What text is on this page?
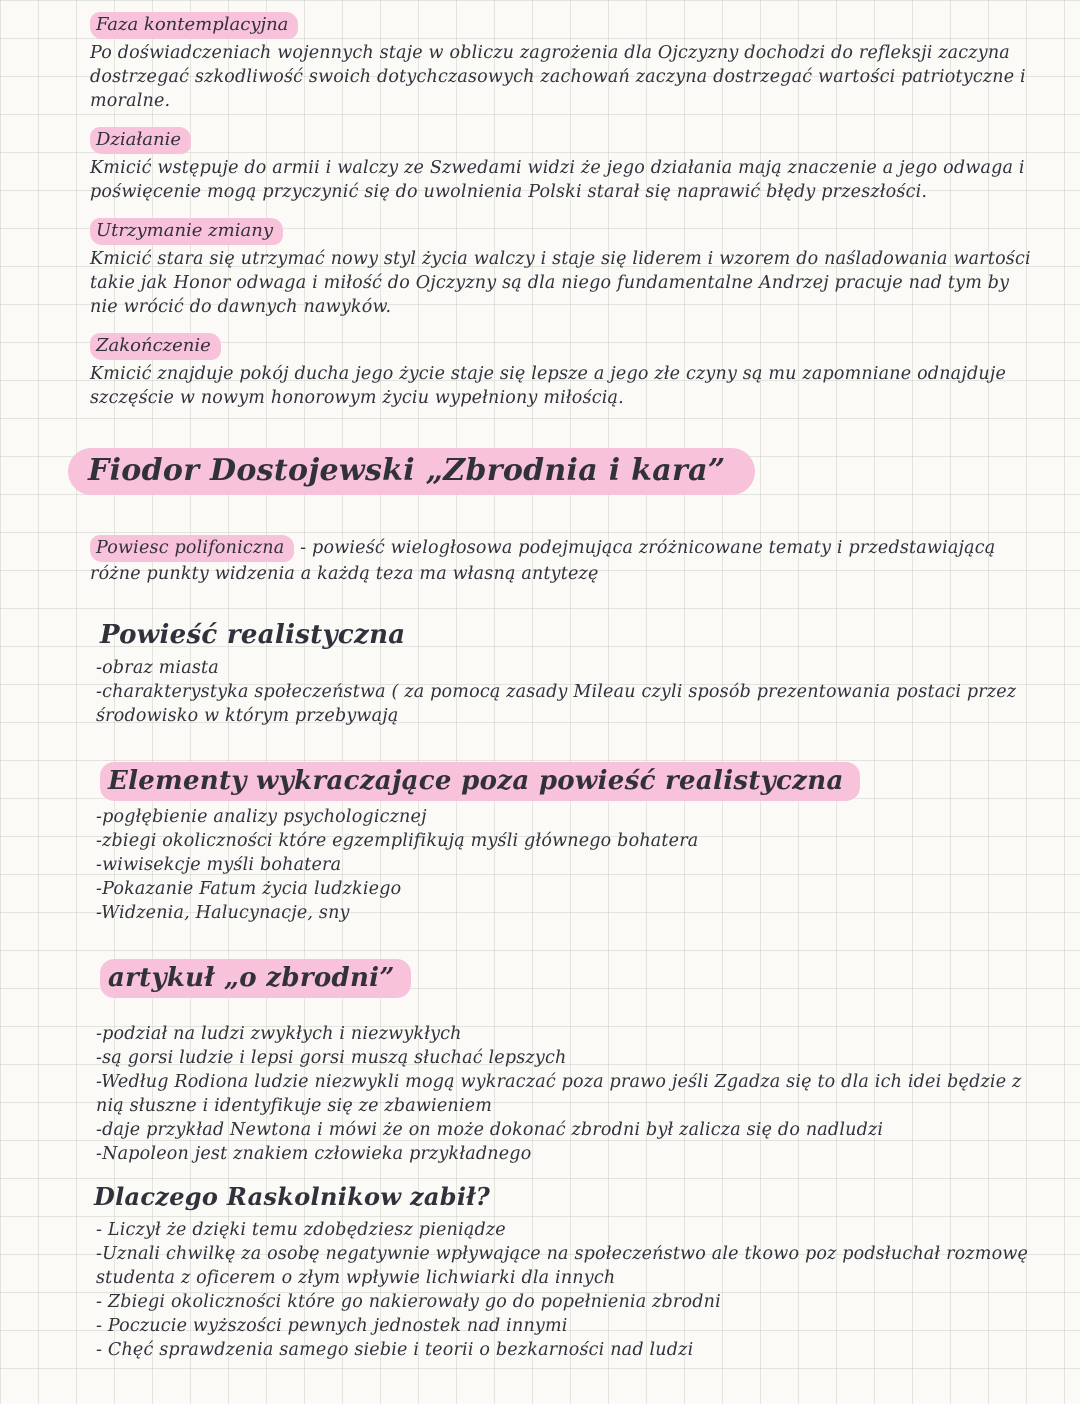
Faza kontemplacyjna

Po doświadczeniach wojennych staje w obliczu zagrożenia dla Ojczyzny dochodzi do refleksji zaczyna dostrzegać szkodliwość swoich dotychczasowych zachowań zaczyna dostrzegać wartości patriotyczne i moralne.

Działanie

Kmicić wstępuje do armii i walczy ze Szwedami widzi że jego działania mają znaczenie a jego odwaga i poświęcenie mogą przyczynić się do uwolnienia Polski starał się naprawić błędy przeszłości.

Utrzymanie zmiany

Kmicić stara się utrzymać nowy styl życia walczy i staje się liderem i wzorem do naśladowania wartości takie jak Honor odwaga i miłość do Ojczyzny są dla niego fundamentalne Andrzej pracuje nad tym by nie wrócić do dawnych nawyków.

Zakończenie

Kmicić znajduje pokój ducha jego życie staje się lepsze a jego złe czyny są mu zapomniane odnajduje szczęście w nowym honorowym życiu wypełniony miłością.

Fiodor Dostojewski „Zbrodnia i kara”

Powiesc polifoniczna - powieść wielogłosowa podejmująca zróżnicowane tematy i przedstawiającą różne punkty widzenia a każdą teza ma własną antytezę

Powieść realistyczna
-obraz miasta
-charakterystyka społeczeństwa ( za pomocą zasady Mileau czyli sposób prezentowania postaci przez środowisko w którym przebywają
Elementy wykraczające poza powieść realistyczna
-pogłębienie analizy psychologicznej
-zbiegi okoliczności które egzemplifikują myśli głównego bohatera
-wiwisekcje myśli bohatera
-Pokazanie Fatum życia ludzkiego
-Widzenia, Halucynacje, sny
artykuł „o zbrodni”
-podział na ludzi zwykłych i niezwykłych
-są gorsi ludzie i lepsi gorsi muszą słuchać lepszych
-Według Rodiona ludzie niezwykli mogą wykraczać poza prawo jeśli Zgadza się to dla ich idei będzie z nią słuszne i identyfikuje się ze zbawieniem
-daje przykład Newtona i mówi że on może dokonać zbrodni był zalicza się do nadludzi
-Napoleon jest znakiem człowieka przykładnego
Dlaczego Raskolnikow zabił?
- Liczył że dzięki temu zdobędziesz pieniądze
-Uznali chwilkę za osobę negatywnie wpływające na społeczeństwo ale tkowo poz podsłuchał rozmowę studenta z oficerem o złym wpływie lichwiarki dla innych
- Zbiegi okoliczności które go nakierowały go do popełnienia zbrodni
- Poczucie wyższości pewnych jednostek nad innymi
- Chęć sprawdzenia samego siebie i teorii o bezkarności nad ludzi
